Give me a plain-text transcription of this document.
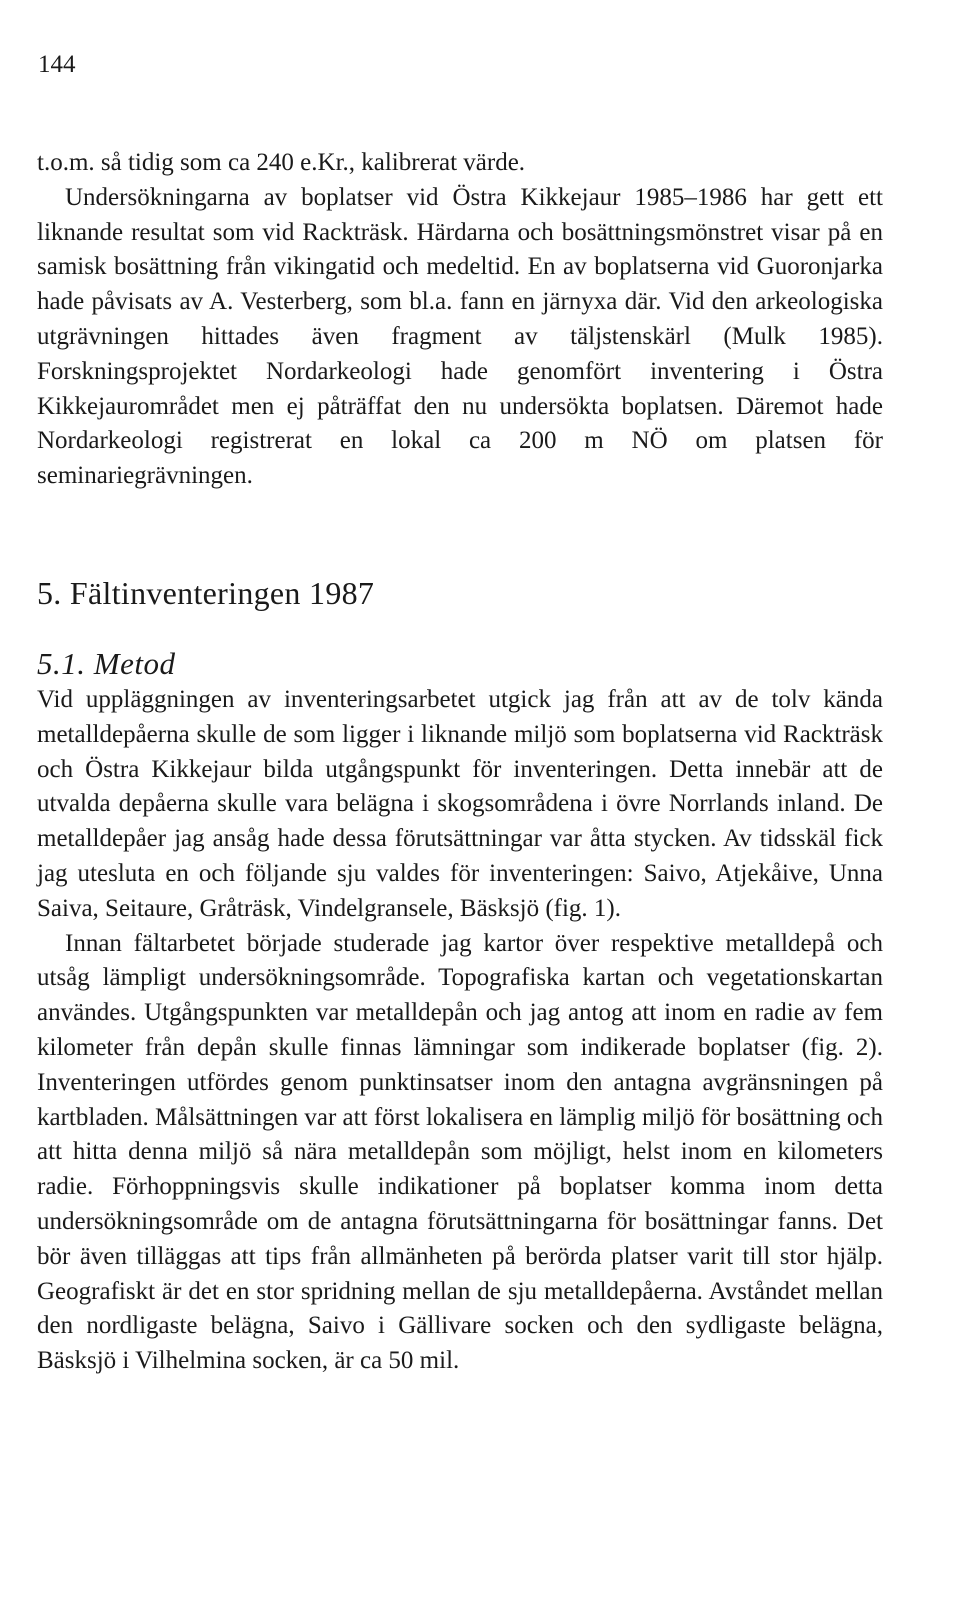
144

t.o.m. så tidig som ca 240 e.Kr., kalibrerat värde.

Undersökningarna av boplatser vid Östra Kikkejaur 1985–1986 har gett ett liknande resultat som vid Rackträsk. Härdarna och bosättningsmönstret visar på en samisk bosättning från vikingatid och medeltid. En av boplatserna vid Guoronjarka hade påvisats av A. Vesterberg, som bl.a. fann en järnyxa där. Vid den arkeologiska utgrävningen hittades även fragment av täljstenskärl (Mulk 1985). Forskningsprojektet Nordarkeologi hade genomfört inventering i Östra Kikkejaurområdet men ej påträffat den nu undersökta boplatsen. Däremot hade Nordarkeologi registrerat en lokal ca 200 m NÖ om platsen för seminariegrävningen.

5. Fältinventeringen 1987
5.1. Metod

Vid uppläggningen av inventeringsarbetet utgick jag från att av de tolv kända metalldepåerna skulle de som ligger i liknande miljö som boplatserna vid Rackträsk och Östra Kikkejaur bilda utgångspunkt för inventeringen. Detta innebär att de utvalda depåerna skulle vara belägna i skogsområdena i övre Norrlands inland. De metalldepåer jag ansåg hade dessa förutsättningar var åtta stycken. Av tidsskäl fick jag utesluta en och följande sju valdes för inventeringen: Saivo, Atjekåive, Unna Saiva, Seitaure, Gråträsk, Vindelgransele, Bäsksjö (fig. 1).

Innan fältarbetet började studerade jag kartor över respektive metalldepå och utsåg lämpligt undersökningsområde. Topografiska kartan och vegetationskartan användes. Utgångspunkten var metalldepån och jag antog att inom en radie av fem kilometer från depån skulle finnas lämningar som indikerade boplatser (fig. 2). Inventeringen utfördes genom punktinsatser inom den antagna avgränsningen på kartbladen. Målsättningen var att först lokalisera en lämplig miljö för bosättning och att hitta denna miljö så nära metalldepån som möjligt, helst inom en kilometers radie. Förhoppningsvis skulle indikationer på boplatser komma inom detta undersökningsområde om de antagna förutsättningarna för bosättningar fanns. Det bör även tilläggas att tips från allmänheten på berörda platser varit till stor hjälp. Geografiskt är det en stor spridning mellan de sju metalldepåerna. Avståndet mellan den nordligaste belägna, Saivo i Gällivare socken och den sydligaste belägna, Bäsksjö i Vilhelmina socken, är ca 50 mil.
